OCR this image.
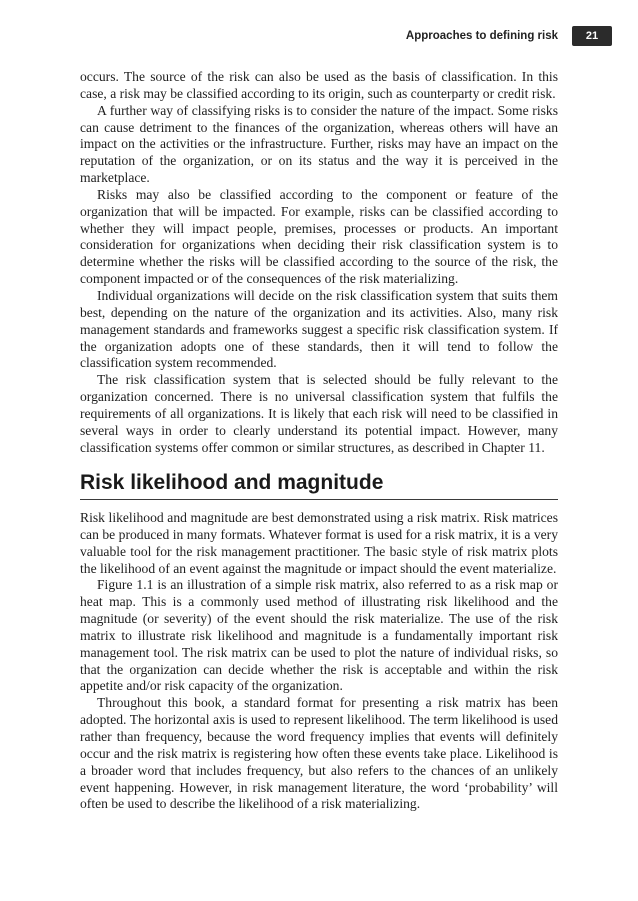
Approaches to defining risk	21

occurs. The source of the risk can also be used as the basis of classification. In this case, a risk may be classified according to its origin, such as counterparty or credit risk.

A further way of classifying risks is to consider the nature of the impact. Some risks can cause detriment to the finances of the organization, whereas others will have an impact on the activities or the infrastructure. Further, risks may have an impact on the reputation of the organization, or on its status and the way it is perceived in the marketplace.

Risks may also be classified according to the component or feature of the organization that will be impacted. For example, risks can be classified according to whether they will impact people, premises, processes or products. An important consideration for organizations when deciding their risk classification system is to determine whether the risks will be classified according to the source of the risk, the component impacted or of the consequences of the risk materializing.

Individual organizations will decide on the risk classification system that suits them best, depending on the nature of the organization and its activities. Also, many risk management standards and frameworks suggest a specific risk classification system. If the organization adopts one of these standards, then it will tend to follow the classification system recommended.

The risk classification system that is selected should be fully relevant to the organization concerned. There is no universal classification system that fulfils the requirements of all organizations. It is likely that each risk will need to be classified in several ways in order to clearly understand its potential impact. However, many classification systems offer common or similar structures, as described in Chapter 11.

Risk likelihood and magnitude

Risk likelihood and magnitude are best demonstrated using a risk matrix. Risk matrices can be produced in many formats. Whatever format is used for a risk matrix, it is a very valuable tool for the risk management practitioner. The basic style of risk matrix plots the likelihood of an event against the magnitude or impact should the event materialize.

Figure 1.1 is an illustration of a simple risk matrix, also referred to as a risk map or heat map. This is a commonly used method of illustrating risk likelihood and the magnitude (or severity) of the event should the risk materialize. The use of the risk matrix to illustrate risk likelihood and magnitude is a fundamentally important risk management tool. The risk matrix can be used to plot the nature of individual risks, so that the organization can decide whether the risk is acceptable and within the risk appetite and/or risk capacity of the organization.

Throughout this book, a standard format for presenting a risk matrix has been adopted. The horizontal axis is used to represent likelihood. The term likelihood is used rather than frequency, because the word frequency implies that events will definitely occur and the risk matrix is registering how often these events take place. Likelihood is a broader word that includes frequency, but also refers to the chances of an unlikely event happening. However, in risk management literature, the word ‘probability’ will often be used to describe the likelihood of a risk materializing.
